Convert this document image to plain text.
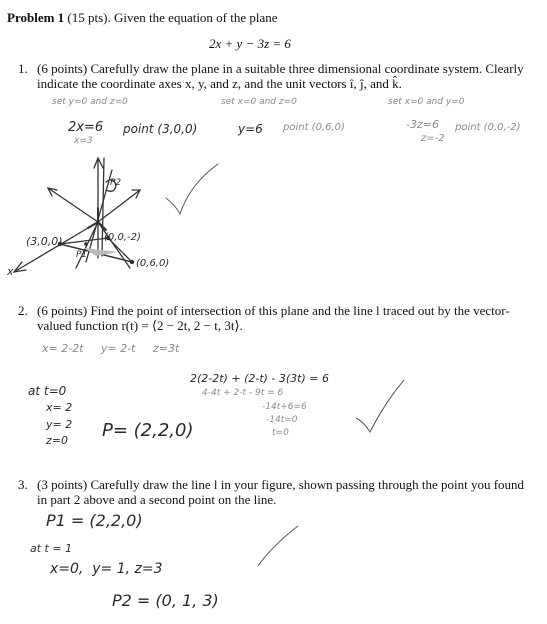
Problem 1 (15 pts). Given the equation of the plane
2x + y − 3z = 6
1. (6 points) Carefully draw the plane in a suitable three dimensional coordinate system. Clearly
indicate the coordinate axes x, y, and z, and the unit vectors î, ĵ, and k̂.
set y=0 and z=0	set x=0 and z=0	set x=0 and y=0
2x=6
x=3
point (3,0,0)	y=6 point (0,6,0)	-3z=6
z=-2
point (0,0,-2)
(3,0,0)	(0,0,-2)
(0,6,0)
x
P2
P1
2. (6 points) Find the point of intersection of this plane and the line l traced out by the vector-
valued function r(t) = ⟨2 − 2t, 2 − t, 3t⟩.
x= 2-2t     y= 2-t     z=3t
2(2-2t) + (2-t) - 3(3t) = 6
4-4t + 2-t - 9t = 6
-14t+6=6
-14t=0
t=0
at t=0
x= 2
y= 2
z=0 P= (2,2,0)
3. (3 points) Carefully draw the line l in your figure, shown passing through the point you found
in part 2 above and a second point on the line.
P1 = (2,2,0)
at t = 1
x=0,  y= 1, z=3
P2 = (0, 1, 3)
